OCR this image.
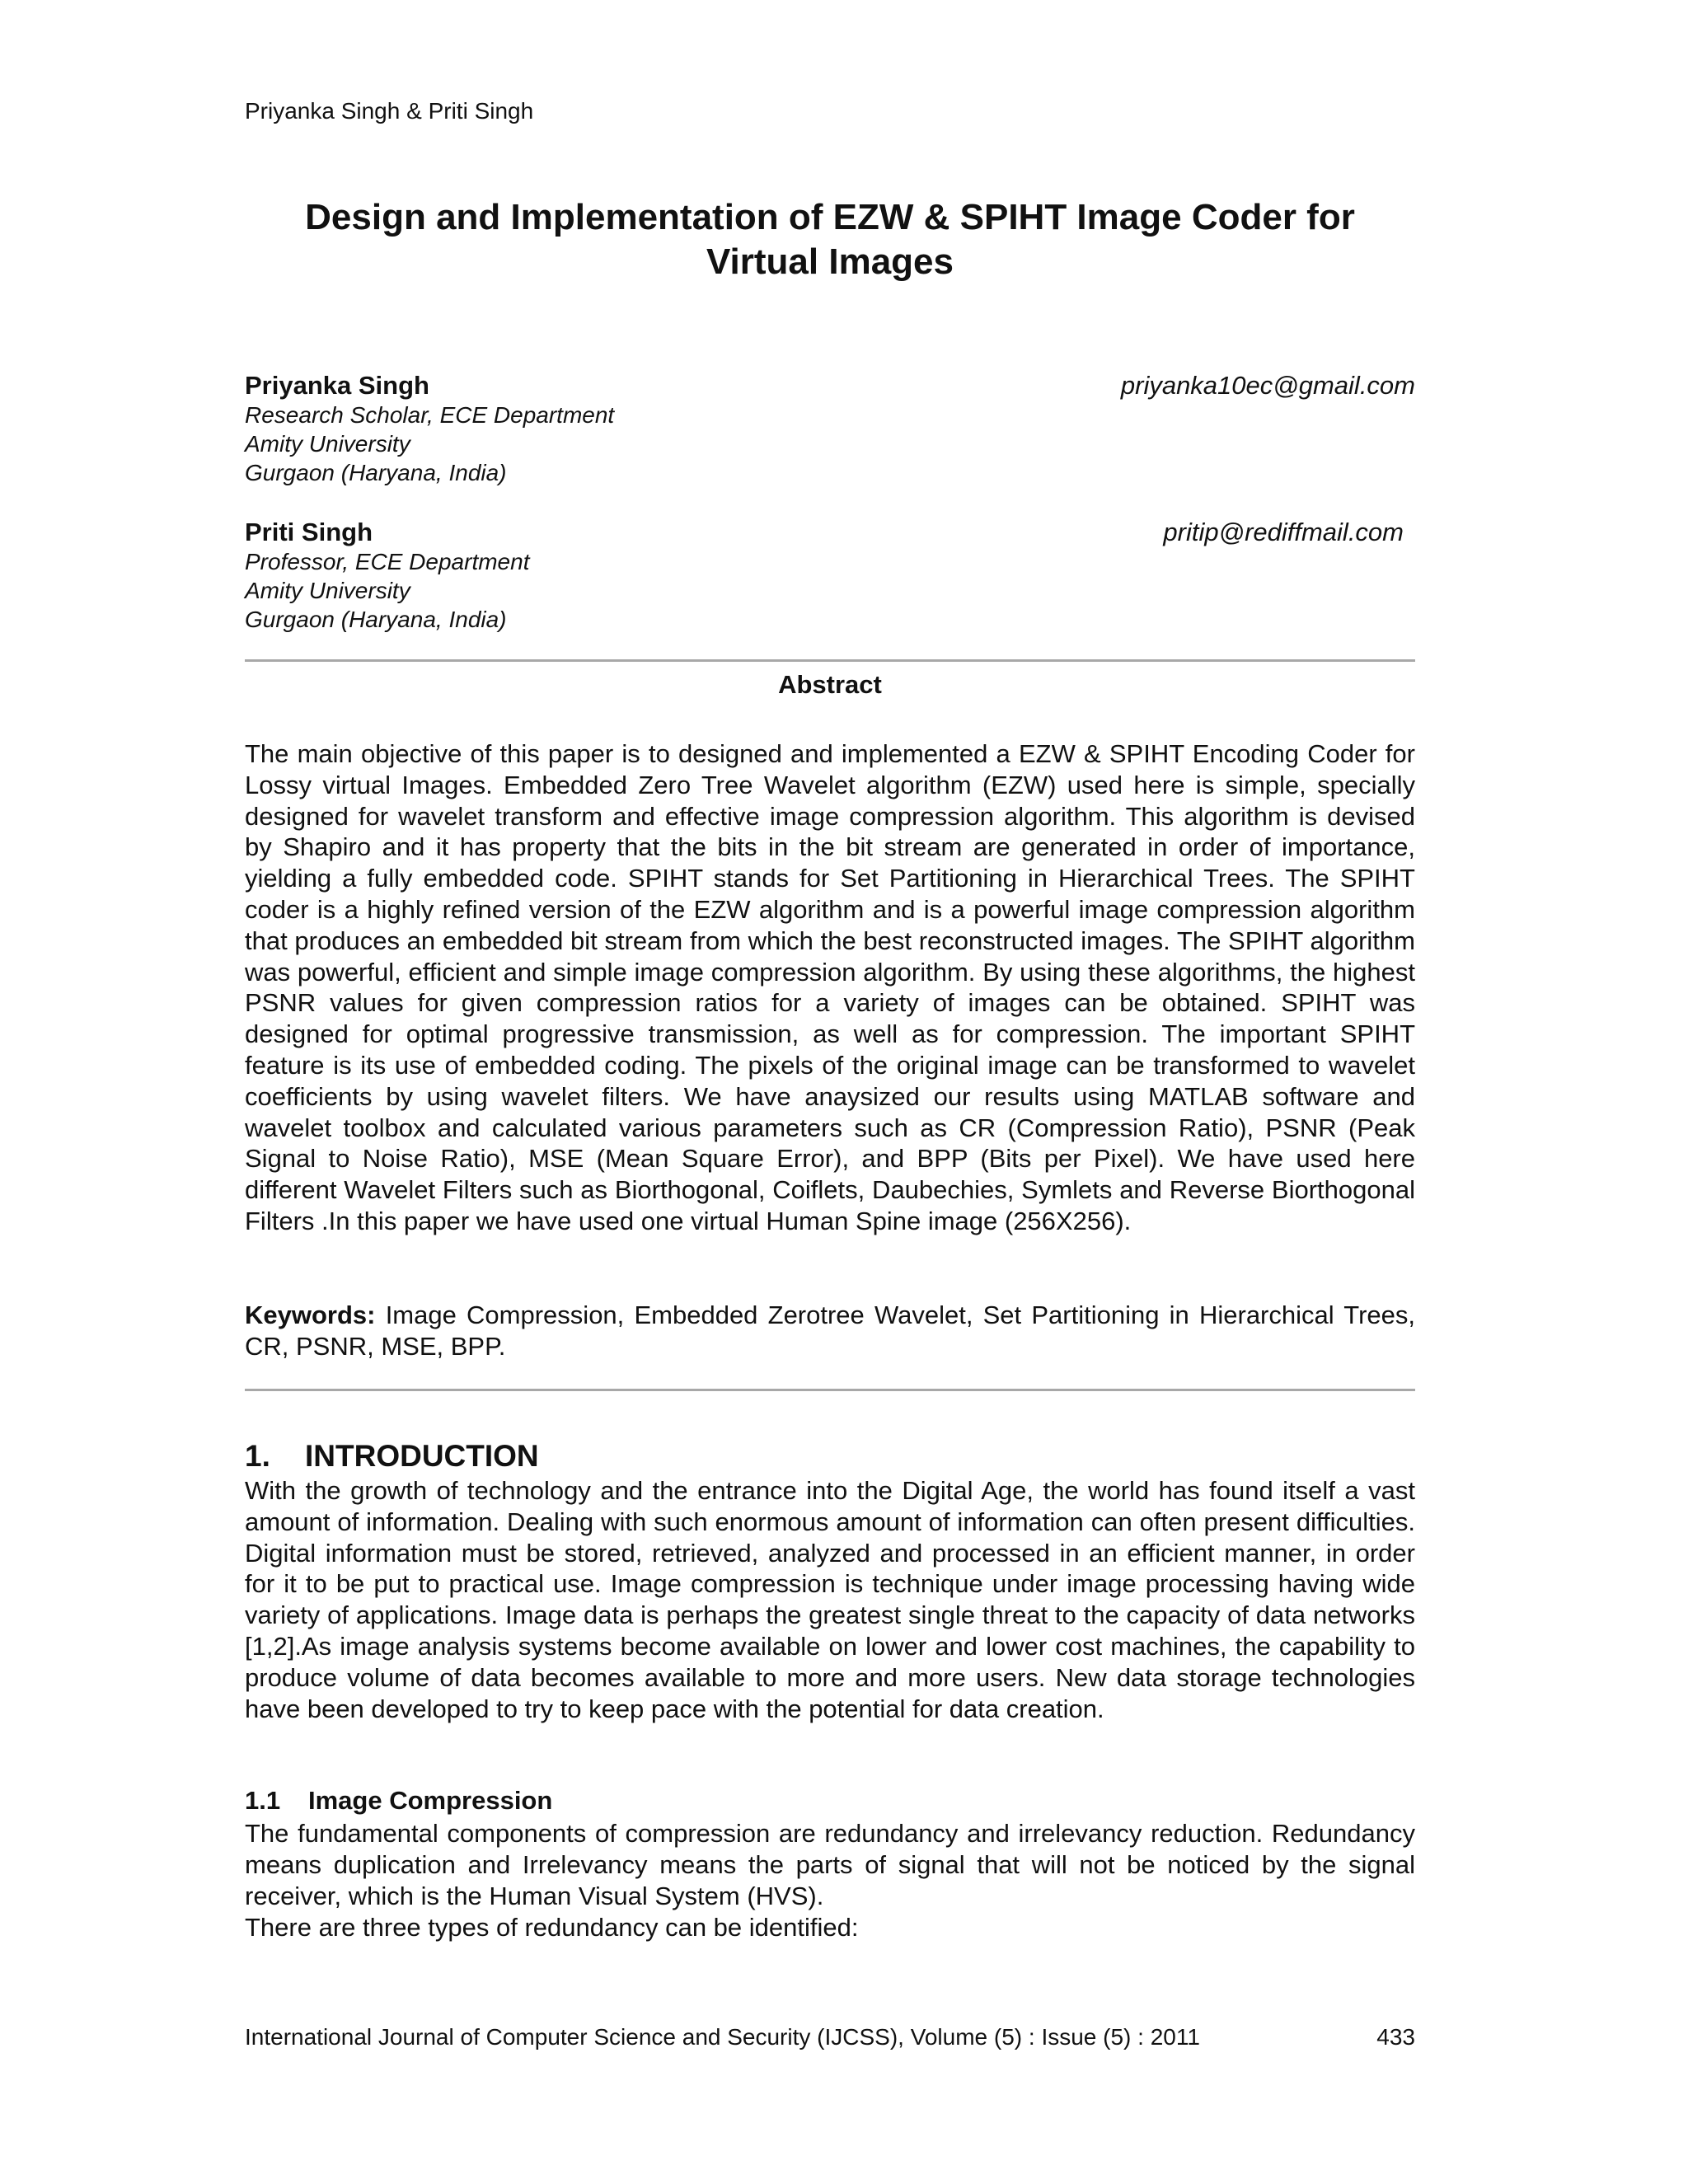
Priyanka Singh & Priti Singh
Design and Implementation of EZW & SPIHT Image Coder for Virtual Images
Priyanka Singh	priyanka10ec@gmail.com
Research Scholar, ECE Department
Amity University
Gurgaon (Haryana, India)
Priti Singh	pritip@rediffmail.com
Professor, ECE Department
Amity University
Gurgaon (Haryana, India)
Abstract

The main objective of this paper is to designed and implemented a EZW & SPIHT Encoding Coder for Lossy virtual Images. Embedded Zero Tree Wavelet algorithm (EZW) used here is simple, specially designed for wavelet transform and effective image compression algorithm. This algorithm is devised by Shapiro and it has property that the bits in the bit stream are generated in order of importance, yielding a fully embedded code. SPIHT stands for Set Partitioning in Hierarchical Trees. The SPIHT coder is a highly refined version of the EZW algorithm and is a powerful image compression algorithm that produces an embedded bit stream from which the best reconstructed images. The SPIHT algorithm was powerful, efficient and simple image compression algorithm. By using these algorithms, the highest PSNR values for given compression ratios for a variety of images can be obtained. SPIHT was designed for optimal progressive transmission, as well as for compression. The important SPIHT feature is its use of embedded coding. The pixels of the original image can be transformed to wavelet coefficients by using wavelet filters. We have anaysized our results using MATLAB software and wavelet toolbox and calculated various parameters such as CR (Compression Ratio), PSNR (Peak Signal to Noise Ratio), MSE (Mean Square Error), and BPP (Bits per Pixel). We have used here different Wavelet Filters such as Biorthogonal, Coiflets, Daubechies, Symlets and Reverse Biorthogonal Filters .In this paper we have used one virtual Human Spine image (256X256).

Keywords: Image Compression, Embedded Zerotree Wavelet, Set Partitioning in Hierarchical Trees, CR, PSNR, MSE, BPP.

1. INTRODUCTION

With the growth of technology and the entrance into the Digital Age, the world has found itself a vast amount of information. Dealing with such enormous amount of information can often present difficulties. Digital information must be stored, retrieved, analyzed and processed in an efficient manner, in order for it to be put to practical use. Image compression is technique under image processing having wide variety of applications. Image data is perhaps the greatest single threat to the capacity of data networks [1,2].As image analysis systems become available on lower and lower cost machines, the capability to produce volume of data becomes available to more and more users. New data storage technologies have been developed to try to keep pace with the potential for data creation.

1.1 Image Compression

The fundamental components of compression are redundancy and irrelevancy reduction. Redundancy means duplication and Irrelevancy means the parts of signal that will not be noticed by the signal receiver, which is the Human Visual System (HVS).

There are three types of redundancy can be identified:

International Journal of Computer Science and Security (IJCSS), Volume (5) : Issue (5) : 2011	433
